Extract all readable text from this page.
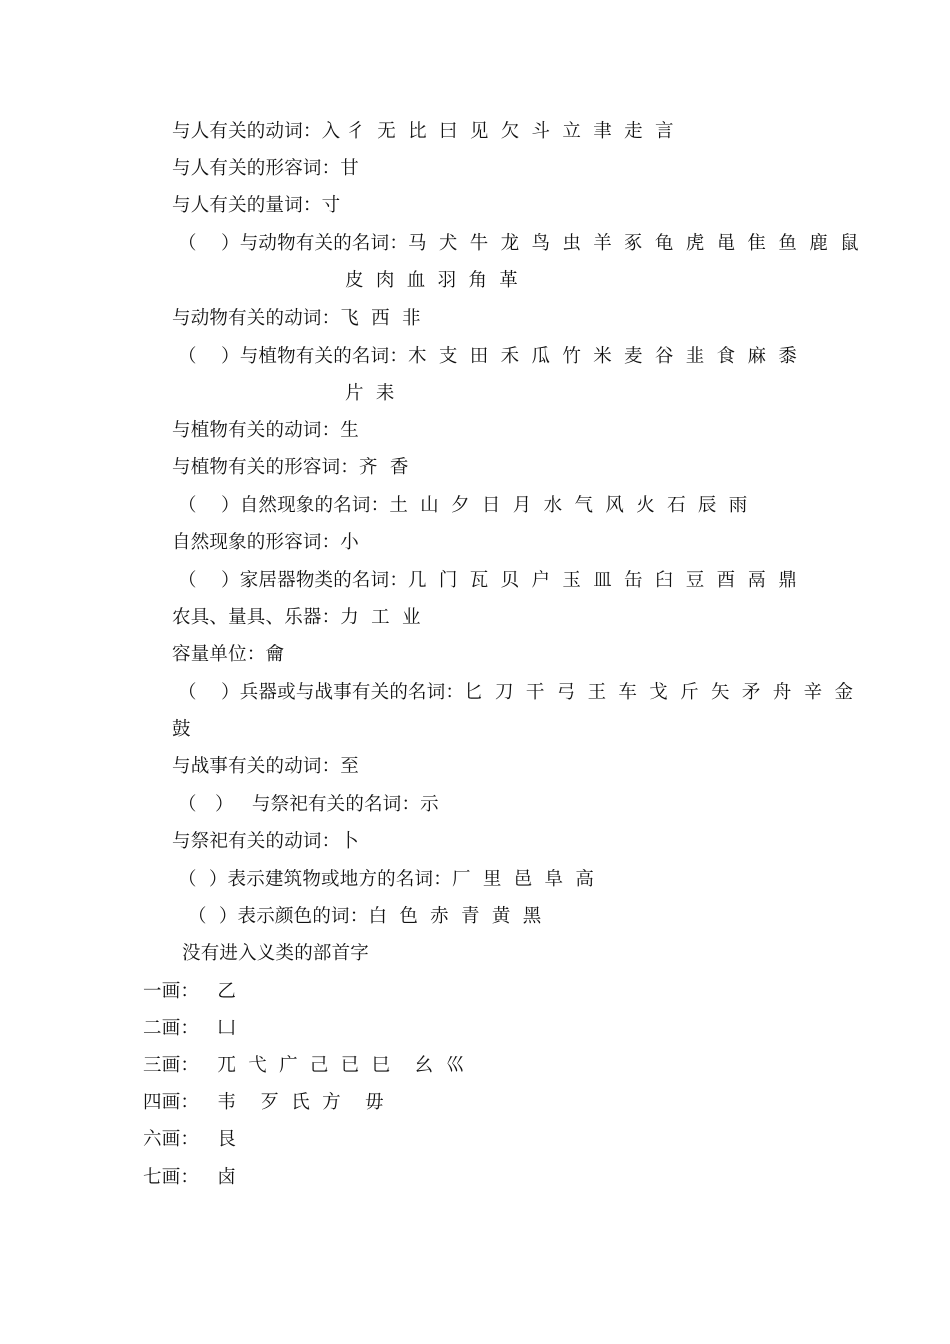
与人有关的动词：入 彳  无  比  曰  见  欠  斗  立  聿  走  言
与人有关的形容词：甘
与人有关的量词：寸
（    ）与动物有关的名词：马  犬  牛  龙  鸟  虫  羊  豖  龟  虎  黾  隹  鱼  鹿  鼠
皮  肉  血  羽  角  革
与动物有关的动词：飞  西  非
（    ）与植物有关的名词：木  支  田  禾  瓜  竹  米  麦  谷  韭  食  麻  黍
片  耒
与植物有关的动词：生
与植物有关的形容词：齐  香
（    ）自然现象的名词：土  山  夕  日  月  水  气  风  火  石  辰  雨
自然现象的形容词：小
（    ）家居器物类的名词：几  门  瓦  贝  户  玉  皿  缶  臼  豆  酉  鬲  鼎
农具、量具、乐器：力  工  业
容量单位：龠
（    ）兵器或与战事有关的名词：匕  刀  干  弓  王  车  戈  斤  矢  矛  舟  辛  金
鼓
与战事有关的动词：至
（   ）   与祭祀有关的名词：示
与祭祀有关的动词：卜
（  ）表示建筑物或地方的名词：厂  里  邑  阜  高
（  ）表示颜色的词：白  色  赤  青  黄  黑
没有进入义类的部首字
一画：   乙
二画：   凵
三画：   兀  弋  广  己  已  巳    幺  巛
四画：   韦    歹  氏  方    毋
六画：   艮
七画：   卤
